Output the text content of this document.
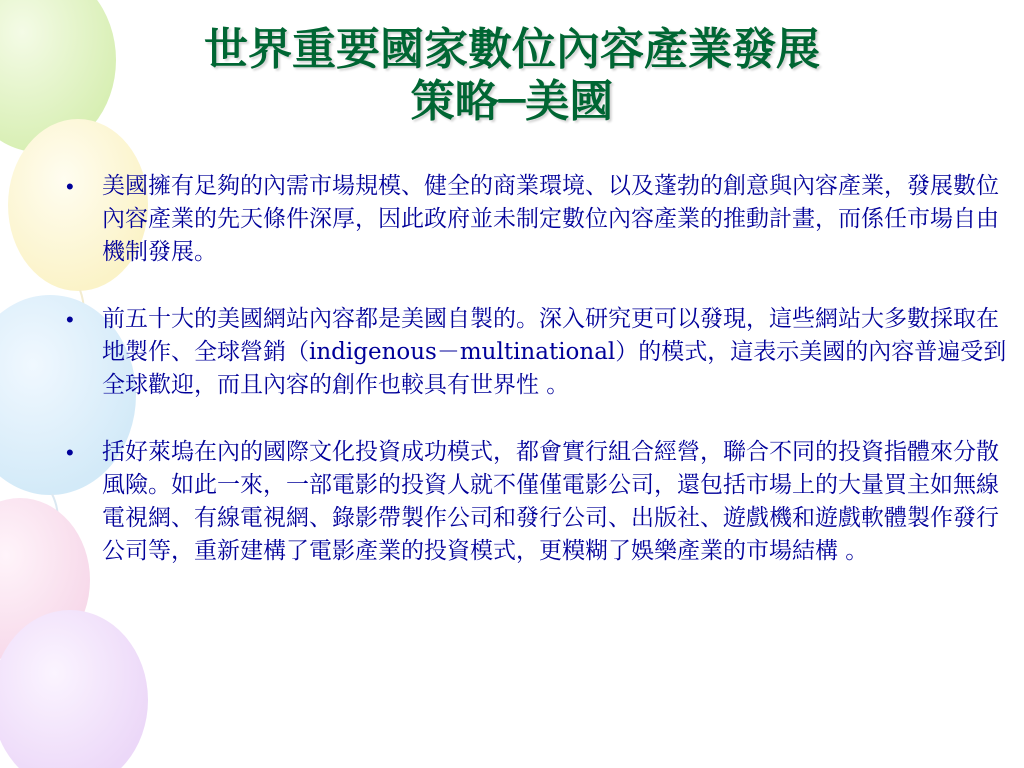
世界重要國家數位內容產業發展
策略─美國
• 美國擁有足夠的內需市場規模、健全的商業環境、以及蓬勃的創意與內容產業，發展數位內容產業的先天條件深厚，因此政府並未制定數位內容產業的推動計畫，而係任市場自由機制發展。
• 前五十大的美國網站內容都是美國自製的。深入研究更可以發現，這些網站大多數採取在地製作、全球營銷（indigenous－multinational）的模式，這表示美國的內容普遍受到全球歡迎，而且內容的創作也較具有世界性 。
• 括好萊塢在內的國際文化投資成功模式，都會實行組合經營，聯合不同的投資指體來分散風險。如此一來，一部電影的投資人就不僅僅電影公司，還包括市場上的大量買主如無線電視網、有線電視網、錄影帶製作公司和發行公司、出版社、遊戲機和遊戲軟體製作發行公司等，重新建構了電影產業的投資模式，更糢糊了娛樂產業的市場結構 。
